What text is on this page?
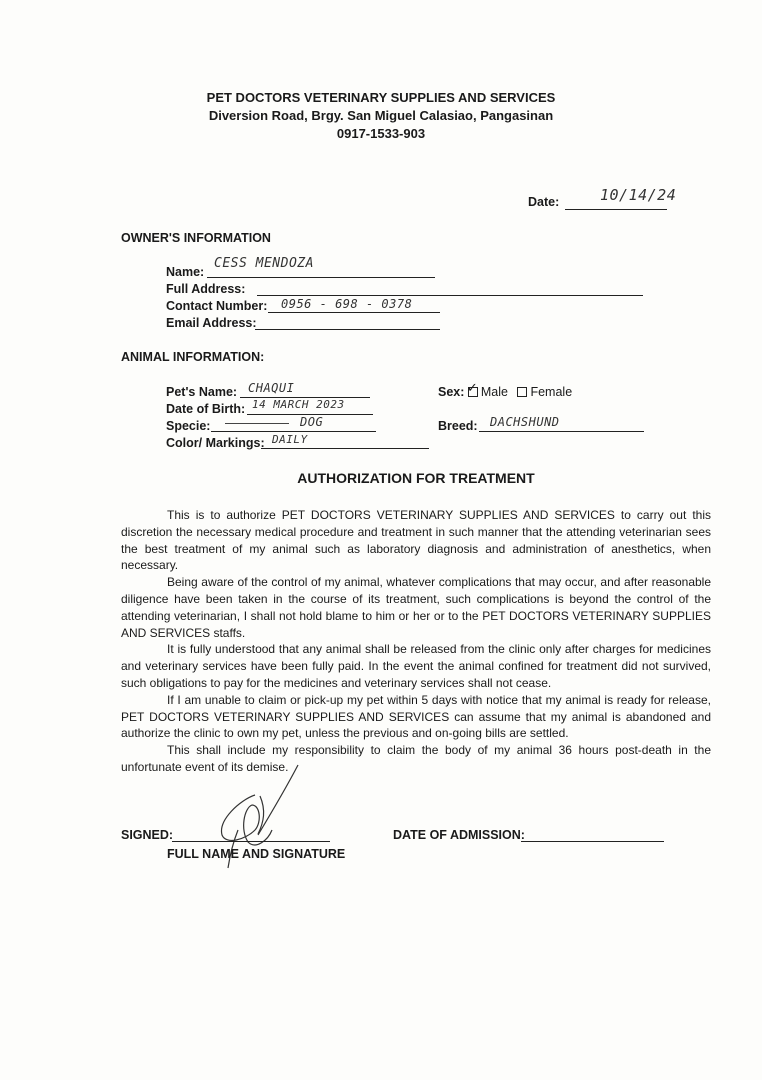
PET DOCTORS VETERINARY SUPPLIES AND SERVICES
Diversion Road, Brgy. San Miguel Calasiao, Pangasinan
0917-1533-903
Date:	10/14/24
OWNER'S INFORMATION
Name:
CESS MENDOZA
Full Address:
Contact Number: 0956 - 698 - 0378
Email Address:
ANIMAL INFORMATION:
Pet's Name: CHAQUI
Date of Birth: 14 MARCH 2023
Specie:	DOG
Color/ Markings: DAILY
Sex: ✓ Male Female
Breed: DACHSHUND
AUTHORIZATION FOR TREATMENT

This is to authorize PET DOCTORS VETERINARY SUPPLIES AND SERVICES to carry out this discretion the necessary medical procedure and treatment in such manner that the attending veterinarian sees the best treatment of my animal such as laboratory diagnosis and administration of anesthetics, when necessary.

Being aware of the control of my animal, whatever complications that may occur, and after reasonable diligence have been taken in the course of its treatment, such complications is beyond the control of the attending veterinarian, I shall not hold blame to him or her or to the PET DOCTORS VETERINARY SUPPLIES AND SERVICES staffs.

It is fully understood that any animal shall be released from the clinic only after charges for medicines and veterinary services have been fully paid. In the event the animal confined for treatment did not survived, such obligations to pay for the medicines and veterinary services shall not cease.

If I am unable to claim or pick-up my pet within 5 days with notice that my animal is ready for release, PET DOCTORS VETERINARY SUPPLIES AND SERVICES can assume that my animal is abandoned and authorize the clinic to own my pet, unless the previous and on-going bills are settled.

This shall include my responsibility to claim the body of my animal 36 hours post-death in the unfortunate event of its demise.

SIGNED:
FULL NAME AND SIGNATURE
DATE OF ADMISSION:
